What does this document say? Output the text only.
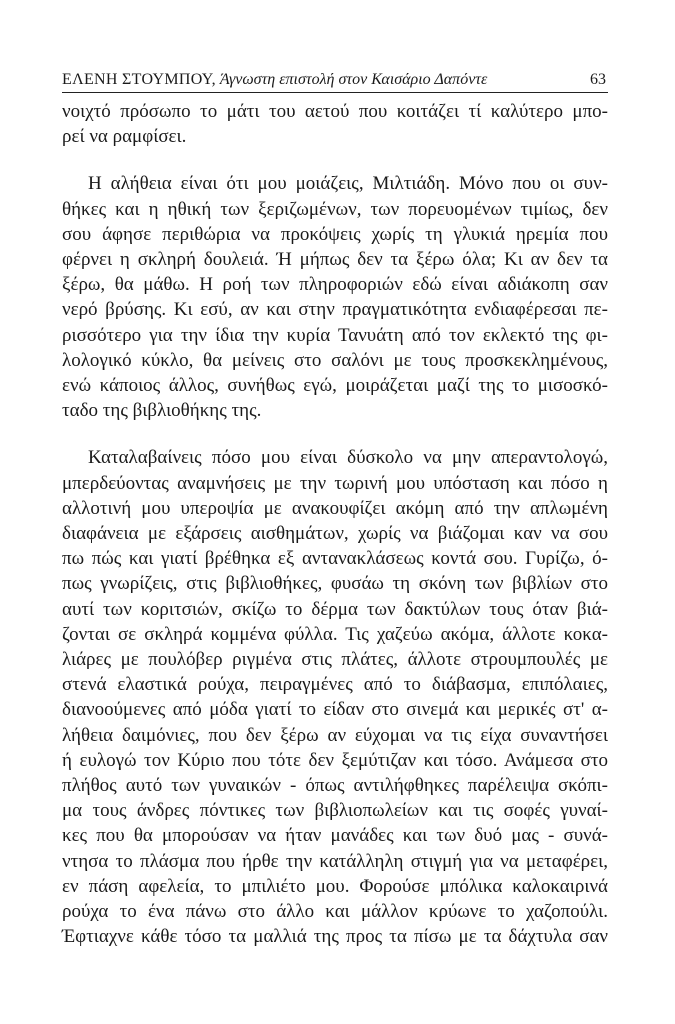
ΕΛΕΝΗ ΣΤΟΥΜΠΟΥ, Άγνωστη επιστολή στον Καισάριο Δαπόντε	63
νοιχτό πρόσωπο το μάτι του αετού που κοιτάζει τί καλύτερο μπο-
ρεί να ραμφίσει.
Η αλήθεια είναι ότι μου μοιάζεις, Μιλτιάδη. Μόνο που οι συν-
θήκες και η ηθική των ξεριζωμένων, των πορευομένων τιμίως, δεν
σου άφησε περιθώρια να προκόψεις χωρίς τη γλυκιά ηρεμία που
φέρνει η σκληρή δουλειά. Ή μήπως δεν τα ξέρω όλα; Κι αν δεν τα
ξέρω, θα μάθω. Η ροή των πληροφοριών εδώ είναι αδιάκοπη σαν
νερό βρύσης. Κι εσύ, αν και στην πραγματικότητα ενδιαφέρεσαι πε-
ρισσότερο για την ίδια την κυρία Τανυάτη από τον εκλεκτό της φι-
λολογικό κύκλο, θα μείνεις στο σαλόνι με τους προσκεκλημένους,
ενώ κάποιος άλλος, συνήθως εγώ, μοιράζεται μαζί της το μισοσκό-
ταδο της βιβλιοθήκης της.
Καταλαβαίνεις πόσο μου είναι δύσκολο να μην απεραντολογώ,
μπερδεύοντας αναμνήσεις με την τωρινή μου υπόσταση και πόσο η
αλλοτινή μου υπεροψία με ανακουφίζει ακόμη από την απλωμένη
διαφάνεια με εξάρσεις αισθημάτων, χωρίς να βιάζομαι καν να σου
πω πώς και γιατί βρέθηκα εξ αντανακλάσεως κοντά σου. Γυρίζω, ό-
πως γνωρίζεις, στις βιβλιοθήκες, φυσάω τη σκόνη των βιβλίων στο
αυτί των κοριτσιών, σκίζω το δέρμα των δακτύλων τους όταν βιά-
ζονται σε σκληρά κομμένα φύλλα. Τις χαζεύω ακόμα, άλλοτε κοκα-
λιάρες με πουλόβερ ριγμένα στις πλάτες, άλλοτε στρουμπουλές με
στενά ελαστικά ρούχα, πειραγμένες από το διάβασμα, επιπόλαιες,
διανοούμενες από μόδα γιατί το είδαν στο σινεμά και μερικές στ' α-
λήθεια δαιμόνιες, που δεν ξέρω αν εύχομαι να τις είχα συναντήσει
ή ευλογώ τον Κύριο που τότε δεν ξεμύτιζαν και τόσο. Ανάμεσα στο
πλήθος αυτό των γυναικών - όπως αντιλήφθηκες παρέλειψα σκόπι-
μα τους άνδρες πόντικες των βιβλιοπωλείων και τις σοφές γυναί-
κες που θα μπορούσαν να ήταν μανάδες και των δυό μας - συνά-
ντησα το πλάσμα που ήρθε την κατάλληλη στιγμή για να μεταφέρει,
εν πάση αφελεία, το μπιλιέτο μου. Φορούσε μπόλικα καλοκαιρινά
ρούχα το ένα πάνω στο άλλο και μάλλον κρύωνε το χαζοπούλι.
Έφτιαχνε κάθε τόσο τα μαλλιά της προς τα πίσω με τα δάχτυλα σαν
